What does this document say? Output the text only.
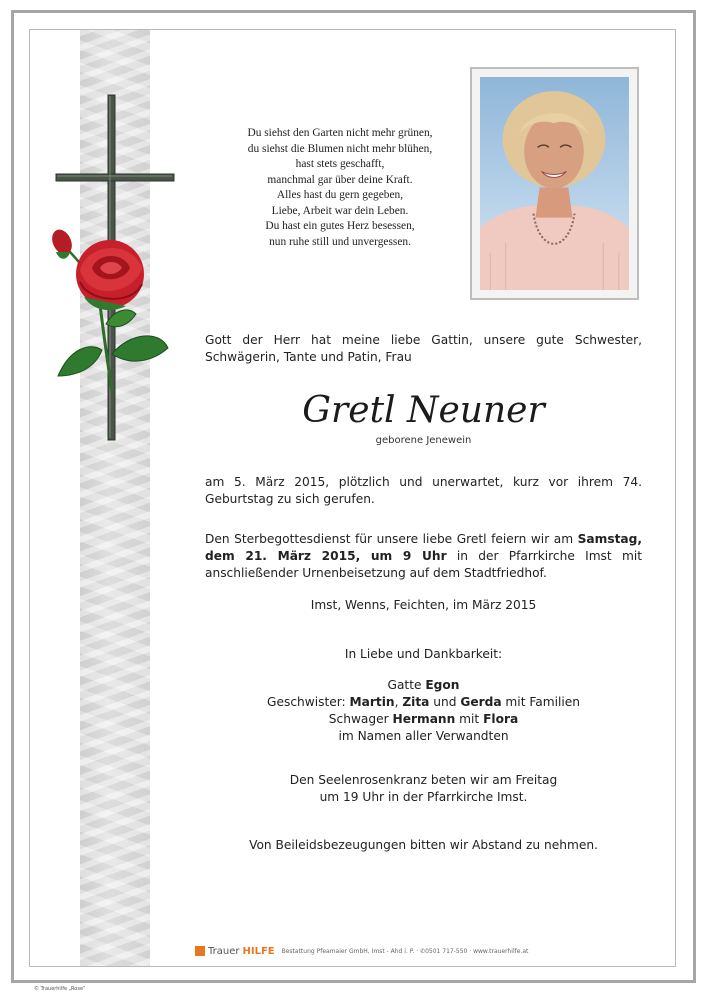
Du siehst den Garten nicht mehr grünen,
du siehst die Blumen nicht mehr blühen,
hast stets geschafft,
manchmal gar über deine Kraft.
Alles hast du gern gegeben,
Liebe, Arbeit war dein Leben.
Du hast ein gutes Herz besessen,
nun ruhe still und unvergessen.
Gott der Herr hat meine liebe Gattin, unsere gute Schwester, Schwägerin, Tante und Patin, Frau
Gretl Neuner
geborene Jenewein
am 5. März 2015, plötzlich und unerwartet, kurz vor ihrem 74. Geburtstag zu sich gerufen.
Den Sterbegottesdienst für unsere liebe Gretl feiern wir am Samstag, dem 21. März 2015, um 9 Uhr in der Pfarrkirche Imst mit anschließender Urnenbeisetzung auf dem Stadtfriedhof.
Imst, Wenns, Feichten, im März 2015
In Liebe und Dankbarkeit:
Gatte Egon
Geschwister: Martin, Zita und Gerda mit Familien
Schwager Hermann mit Flora
im Namen aller Verwandten
Den Seelenrosenkranz beten wir am Freitag
um 19 Uhr in der Pfarrkirche Imst.
Von Beileidsbezeugungen bitten wir Abstand zu nehmen.
Trauer HILFE Bestattung Pfeamaier GmbH, Imst - Ahd i. P. · ✆0501 717-550 · www.trauerhilfe.at
© Trauerhilfe „Rose“
